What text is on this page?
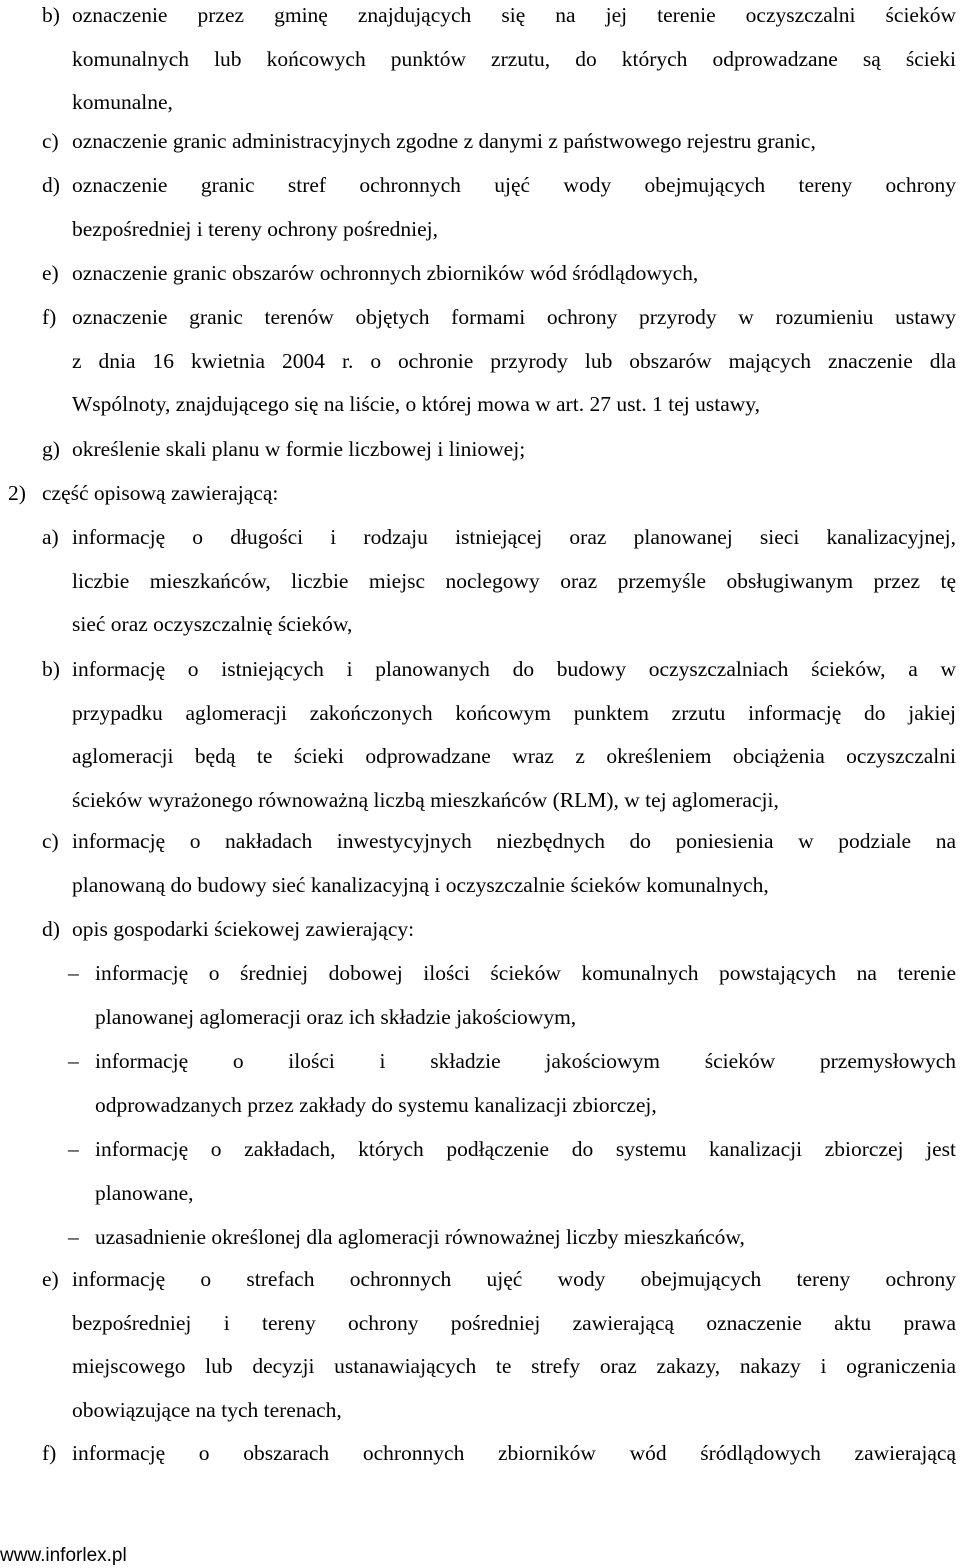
b) oznaczenie przez gminę znajdujących się na jej terenie oczyszczalni ścieków
komunalnych lub końcowych punktów zrzutu, do których odprowadzane są ścieki
komunalne,
c) oznaczenie granic administracyjnych zgodne z danymi z państwowego rejestru granic,
d) oznaczenie granic stref ochronnych ujęć wody obejmujących tereny ochrony
bezpośredniej i tereny ochrony pośredniej,
e) oznaczenie granic obszarów ochronnych zbiorników wód śródlądowych,
f) oznaczenie granic terenów objętych formami ochrony przyrody w rozumieniu ustawy
z dnia 16 kwietnia 2004 r. o ochronie przyrody lub obszarów mających znaczenie dla
Wspólnoty, znajdującego się na liście, o której mowa w art. 27 ust. 1 tej ustawy,
g) określenie skali planu w formie liczbowej i liniowej;
2) część opisową zawierającą:
a) informację o długości i rodzaju istniejącej oraz planowanej sieci kanalizacyjnej,
liczbie mieszkańców, liczbie miejsc noclegowy oraz przemyśle obsługiwanym przez tę
sieć oraz oczyszczalnię ścieków,
b) informację o istniejących i planowanych do budowy oczyszczalniach ścieków, a w
przypadku aglomeracji zakończonych końcowym punktem zrzutu informację do jakiej
aglomeracji będą te ścieki odprowadzane wraz z określeniem obciążenia oczyszczalni
ścieków wyrażonego równoważną liczbą mieszkańców (RLM), w tej aglomeracji,
c) informację o nakładach inwestycyjnych niezbędnych do poniesienia w podziale na
planowaną do budowy sieć kanalizacyjną i oczyszczalnie ścieków komunalnych,
d) opis gospodarki ściekowej zawierający:
– informację o średniej dobowej ilości ścieków komunalnych powstających na terenie
planowanej aglomeracji oraz ich składzie jakościowym,
– informację o ilości i składzie jakościowym ścieków przemysłowych
odprowadzanych przez zakłady do systemu kanalizacji zbiorczej,
– informację o zakładach, których podłączenie do systemu kanalizacji zbiorczej jest
planowane,
– uzasadnienie określonej dla aglomeracji równoważnej liczby mieszkańców,
e) informację o strefach ochronnych ujęć wody obejmujących tereny ochrony
bezpośredniej i tereny ochrony pośredniej zawierającą oznaczenie aktu prawa
miejscowego lub decyzji ustanawiających te strefy oraz zakazy, nakazy i ograniczenia
obowiązujące na tych terenach,
f) informację o obszarach ochronnych zbiorników wód śródlądowych zawierającą
www.inforlex.pl
